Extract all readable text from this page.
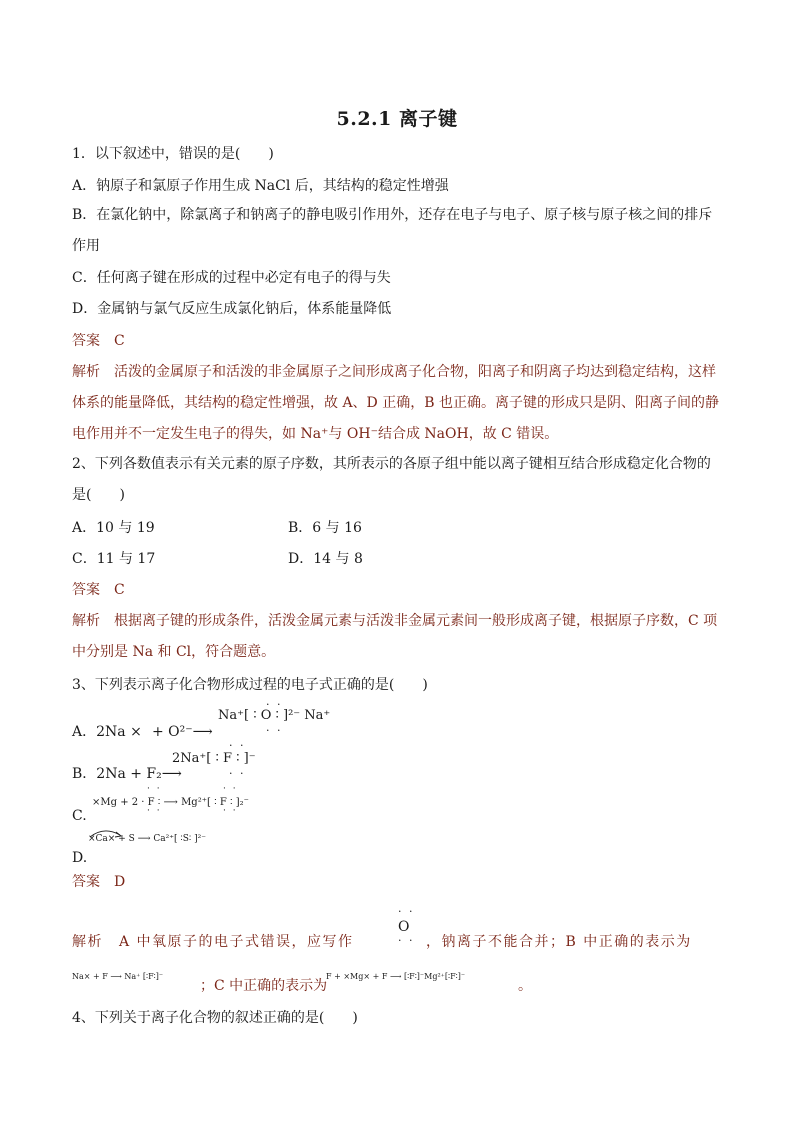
5.2.1 离子键
1．以下叙述中，错误的是(　　)
A．钠原子和氯原子作用生成 NaCl 后，其结构的稳定性增强
B．在氯化钠中，除氯离子和钠离子的静电吸引作用外，还存在电子与电子、原子核与原子核之间的排斥作用
C．任何离子键在形成的过程中必定有电子的得与失
D．金属钠与氯气反应生成氯化钠后，体系能量降低
答案 C
解析 活泼的金属原子和活泼的非金属原子之间形成离子化合物，阳离子和阴离子均达到稳定结构，这样体系的能量降低，其结构的稳定性增强，故 A、D 正确，B 也正确。离子键的形成只是阴、阳离子间的静电作用并不一定发生电子的得失，如 Na⁺与 OH⁻结合成 NaOH，故 C 错误。
2、下列各数值表示有关元素的原子序数，其所表示的各原子组中能以离子键相互结合形成稳定化合物的是(　　)
A．10 与 19	B．6 与 16
C．11 与 17	D．14 与 8
答案 C
解析 根据离子键的形成条件，活泼金属元素与活泼非金属元素间一般形成离子键，根据原子序数，C 项中分别是 Na 和 Cl，符合题意。
3、下列表示离子化合物形成过程的电子式正确的是(　　)
A．2Na × + O²⁻⟶
Na⁺[ ∶ O ∶ ]²⁻ Na⁺
· ·
· ·
B．2Na + F₂⟶
2Na⁺[ ∶ F ∶ ]⁻
· ·
· ·
⨯Mg + 2 · F ∶ ⟶ Mg²⁺[ ∶ F ∶ ]₂⁻
· ·
· ·
· ·
· ·
C.
×Ca× + S ⟶ Ca²⁺[ ∶S∶ ]²⁻
D.
答案 D
解析 A 中氧原子的电子式错误，应写作
· ·
O
· · ，钠离子不能合并；B 中正确的表示为
Na× + F ⟶ Na⁺ [∶F∶]⁻
；C 中正确的表示为
F + ×Mg× + F ⟶ [∶F∶]⁻Mg²⁺[∶F∶]⁻
。
4、下列关于离子化合物的叙述正确的是(　　)
